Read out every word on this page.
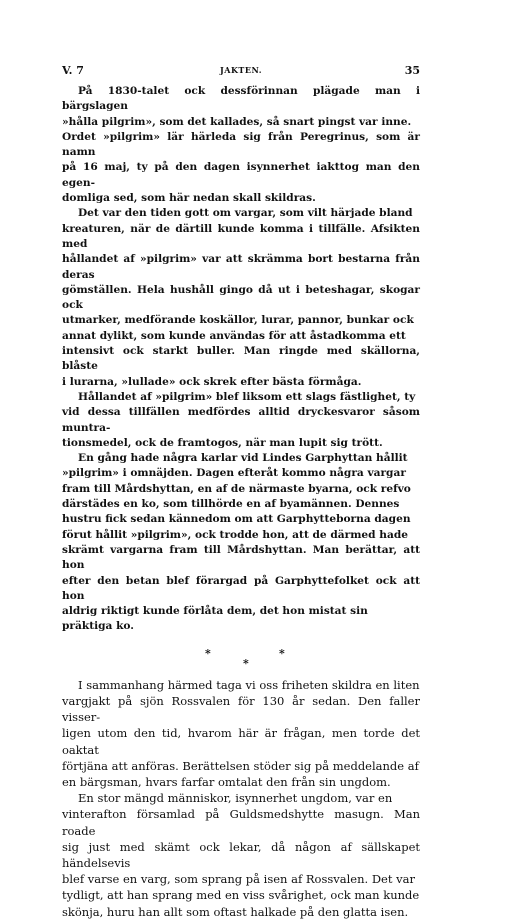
V. 7	JAKTEN.	35

På 1830-talet ock dessförinnan plägade man i bärgslagen
»hålla pilgrim», som det kallades, så snart pingst var inne.
Ordet »pilgrim» lär härleda sig från Peregrinus, som är namn
på 16 maj, ty på den dagen isynnerhet iakttog man den egen-
domliga sed, som här nedan skall skildras.

Det var den tiden gott om vargar, som vilt härjade bland
kreaturen, när de därtill kunde komma i tillfälle. Afsikten med
hållandet af »pilgrim» var att skrämma bort bestarna från deras
gömställen. Hela hushåll gingo då ut i beteshagar, skogar ock
utmarker, medförande koskällor, lurar, pannor, bunkar ock
annat dylikt, som kunde användas för att åstadkomma ett
intensivt ock starkt buller. Man ringde med skällorna, blåste
i lurarna, »lullade» ock skrek efter bästa förmåga.

Hållandet af »pilgrim» blef liksom ett slags fästlighet, ty
vid dessa tillfällen medfördes alltid dryckesvaror såsom muntra-
tionsmedel, ock de framtogos, när man lupit sig trött.

En gång hade några karlar vid Lindes Garphyttan hållit
»pilgrim» i omnäjden. Dagen efteråt kommo några vargar
fram till Mårdshyttan, en af de närmaste byarna, ock refvo
därstädes en ko, som tillhörde en af byamännen. Dennes
hustru fick sedan kännedom om att Garphytteborna dagen
förut hållit »pilgrim», ock trodde hon, att de därmed hade
skrämt vargarna fram till Mårdshyttan. Man berättar, att hon
efter den betan blef förargad på Garphyttefolket ock att hon
aldrig riktigt kunde förlåta dem, det hon mistat sin präktiga ko.

*
*
*

I sammanhang härmed taga vi oss friheten skildra en liten
vargjakt på sjön Rossvalen för 130 år sedan. Den faller visser-
ligen utom den tid, hvarom här är frågan, men torde det oaktat
förtjäna att anföras. Berättelsen stöder sig på meddelande af
en bärgsman, hvars farfar omtalat den från sin ungdom.

En stor mängd människor, isynnerhet ungdom, var en
vinterafton församlad på Guldsmedshytte masugn. Man roade
sig just med skämt ock lekar, då någon af sällskapet händelsevis
blef varse en varg, som sprang på isen af Rossvalen. Det var
tydligt, att han sprang med en viss svårighet, ock man kunde
skönja, huru han allt som oftast halkade på den glatta isen.
